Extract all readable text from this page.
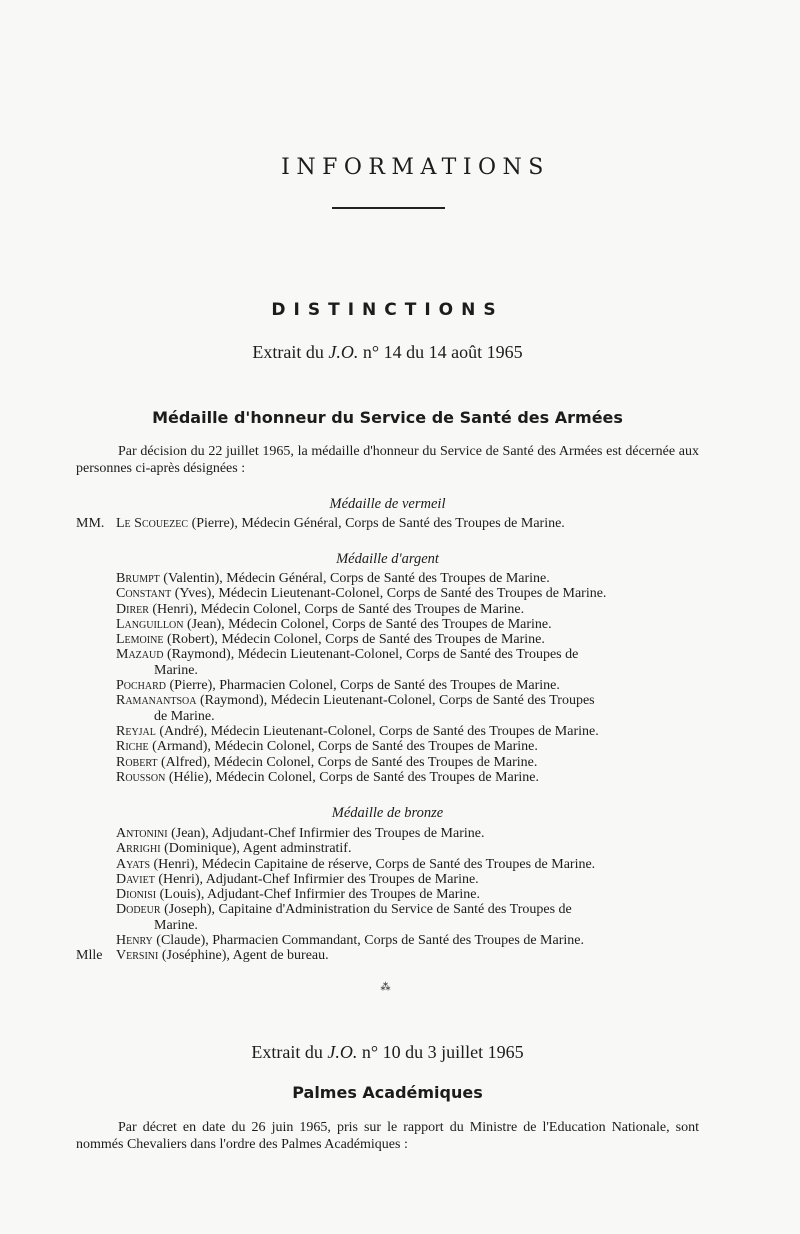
INFORMATIONS
DISTINCTIONS
Extrait du J.O. n° 14 du 14 août 1965
Médaille d'honneur du Service de Santé des Armées
Par décision du 22 juillet 1965, la médaille d'honneur du Service de Santé des Armées est décernée aux personnes ci-après désignées :
Médaille de vermeil
MM. Le Scouezec (Pierre), Médecin Général, Corps de Santé des Troupes de Marine.
Médaille d'argent
Brumpt (Valentin), Médecin Général, Corps de Santé des Troupes de Marine.
Constant (Yves), Médecin Lieutenant-Colonel, Corps de Santé des Troupes de Marine.
Direr (Henri), Médecin Colonel, Corps de Santé des Troupes de Marine.
Languillon (Jean), Médecin Colonel, Corps de Santé des Troupes de Marine.
Lemoine (Robert), Médecin Colonel, Corps de Santé des Troupes de Marine.
Mazaud (Raymond), Médecin Lieutenant-Colonel, Corps de Santé des Troupes de
Marine.
Pochard (Pierre), Pharmacien Colonel, Corps de Santé des Troupes de Marine.
Ramanantsoa (Raymond), Médecin Lieutenant-Colonel, Corps de Santé des Troupes
de Marine.
Reyjal (André), Médecin Lieutenant-Colonel, Corps de Santé des Troupes de Marine.
Riche (Armand), Médecin Colonel, Corps de Santé des Troupes de Marine.
Robert (Alfred), Médecin Colonel, Corps de Santé des Troupes de Marine.
Rousson (Hélie), Médecin Colonel, Corps de Santé des Troupes de Marine.
Médaille de bronze
Antonini (Jean), Adjudant-Chef Infirmier des Troupes de Marine.
Arrighi (Dominique), Agent adminstratif.
Ayats (Henri), Médecin Capitaine de réserve, Corps de Santé des Troupes de Marine.
Daviet (Henri), Adjudant-Chef Infirmier des Troupes de Marine.
Dionisi (Louis), Adjudant-Chef Infirmier des Troupes de Marine.
Dodeur (Joseph), Capitaine d'Administration du Service de Santé des Troupes de
Marine.
Henry (Claude), Pharmacien Commandant, Corps de Santé des Troupes de Marine.
Mlle Versini (Joséphine), Agent de bureau.
⁂
Extrait du J.O. n° 10 du 3 juillet 1965
Palmes Académiques
Par décret en date du 26 juin 1965, pris sur le rapport du Ministre de l'Education Nationale, sont nommés Chevaliers dans l'ordre des Palmes Académiques :
